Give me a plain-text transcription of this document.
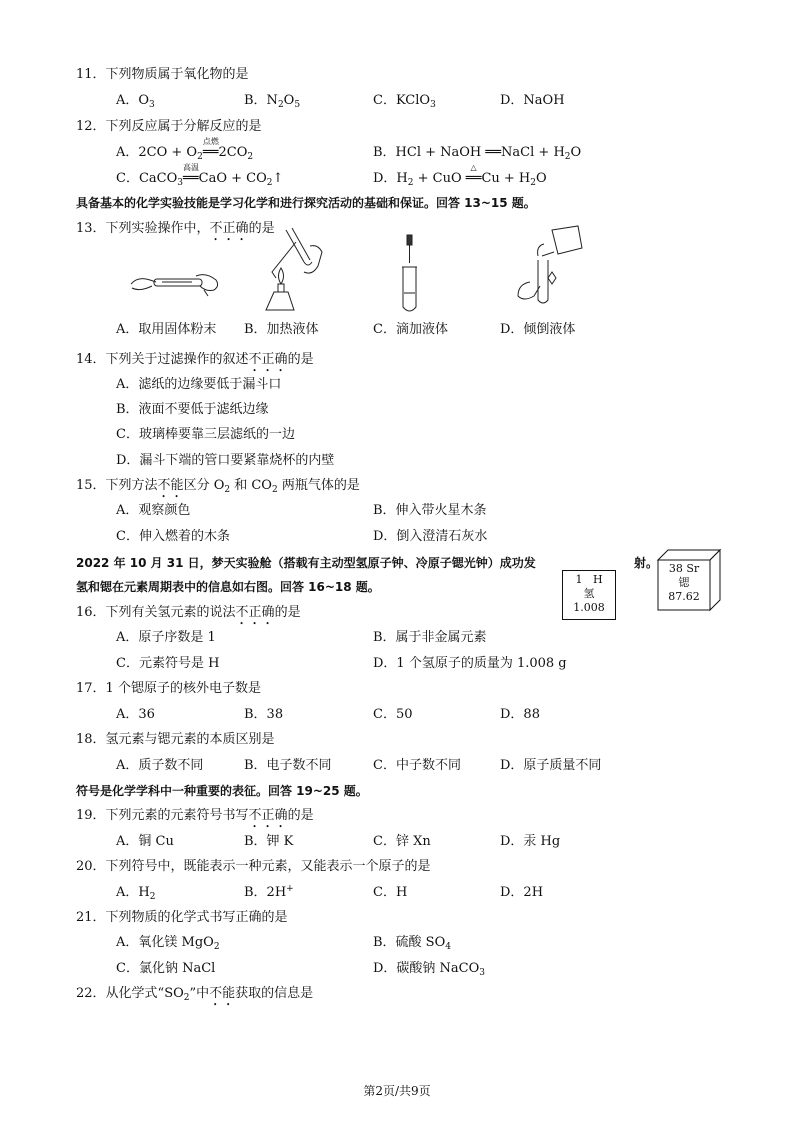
11．下列物质属于氧化物的是
A．$O_3$	B．$N_2O_5$	C．KClO$_3$	D．NaOH
12．下列反应属于分解反应的是
A．$2CO + O_2$
点燃
$══2CO_2$	B．HCl + NaOH ══NaCl + $H_2O$
C．CaCO$_3$
高温
══CaO + $CO_2↑$	D．$H_2$ + CuO
△
══Cu + $H_2O$
具备基本的化学实验技能是学习化学和进行探究活动的基础和保证。回答 13~15 题。
13．下列实验操作中，不正确的是
A．取用固体粉末 B．加热液体	C．滴加液体	D．倾倒液体
14．下列关于过滤操作的叙述不正确的是
A．滤纸的边缘要低于漏斗口
B．液面不要低于滤纸边缘
C．玻璃棒要靠三层滤纸的一边
D．漏斗下端的管口要紧靠烧杯的内壁
15．下列方法不能区分 $O_2$ 和 $CO_2$ 两瓶气体的是
A．观察颜色	B．伸入带火星木条
C．伸入燃着的木条	D．倒入澄清石灰水
2022 年 10 月 31 日，梦天实验舱（搭载有主动型氢原子钟、冷原子锶光钟）成功发	射。
氢和锶在元素周期表中的信息如右图。回答 16~18 题。
1 H
氢
1.008
38 Sr
锶
87.62
16．下列有关氢元素的说法不正确的是
A．原子序数是 1	B．属于非金属元素
C．元素符号是 H	D．1 个氢原子的质量为 1.008 g
17．1 个锶原子的核外电子数是
A．36	B．38	C．50	D．88
18．氢元素与锶元素的本质区别是
A．质子数不同	B．电子数不同	C．中子数不同	D．原子质量不同
符号是化学学科中一种重要的表征。回答 19~25 题。
19．下列元素的元素符号书写不正确的是
A．铜 Cu	B．钾 K	C．锌 Xn	D．汞 Hg
20．下列符号中，既能表示一种元素，又能表示一个原子的是
A．$H_2$	B．2H+	C．H	D．2H
21．下列物质的化学式书写正确的是
A．氧化镁 MgO$_2$	B．硫酸 $SO_4$
C．氯化钠 NaCl	D．碳酸钠 NaCO$_3$
22．从化学式“$SO_2$”中不能获取的信息是
第2页/共9页
